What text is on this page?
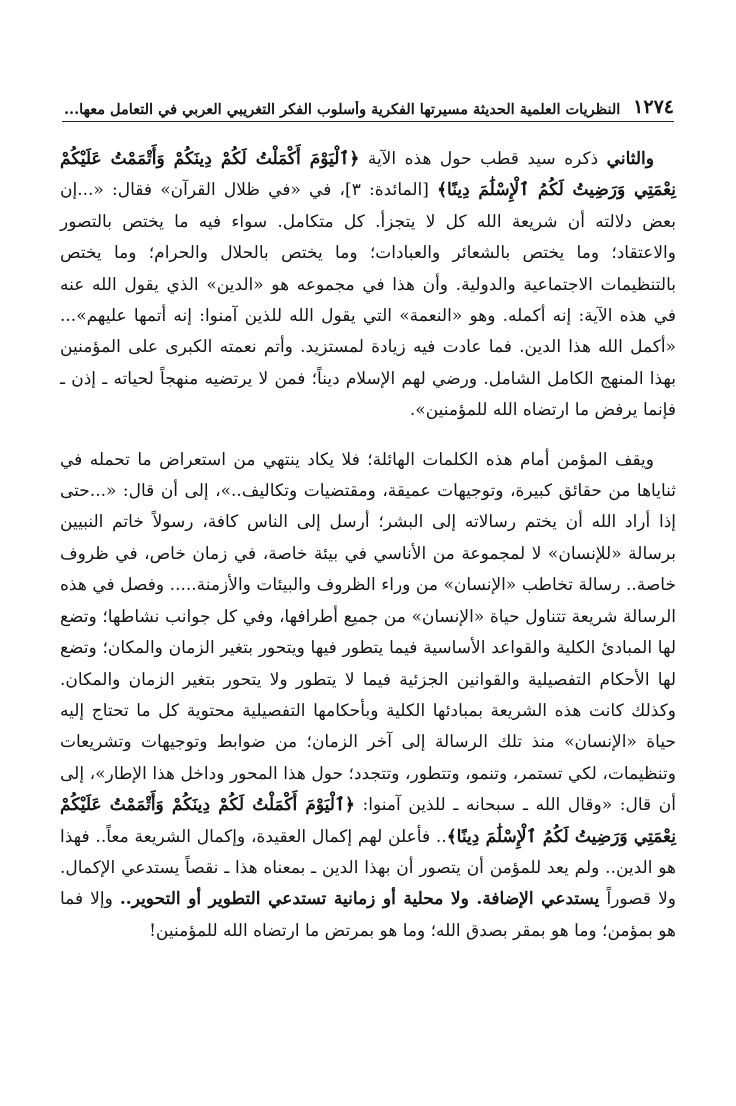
١٢٧٤
النظريات العلمية الحديثة مسيرتها الفكرية وأسلوب الفكر التغريبي العربي في التعامل معها...

والثاني ذكره سيد قطب حول هذه الآية ﴿ٱلْيَوْمَ أَكْمَلْتُ لَكُمْ دِينَكُمْ وَأَتْمَمْتُ عَلَيْكُمْ نِعْمَتِي وَرَضِيتُ لَكُمُ ٱلْإِسْلَٰمَ دِينًا﴾ [المائدة: ٣]، في «في ظلال القرآن» فقال: «...إن بعض دلالته أن شريعة الله كل لا يتجزأ. كل متكامل. سواء فيه ما يختص بالتصور والاعتقاد؛ وما يختص بالشعائر والعبادات؛ وما يختص بالحلال والحرام؛ وما يختص بالتنظيمات الاجتماعية والدولية. وأن هذا في مجموعه هو «الدين» الذي يقول الله عنه في هذه الآية: إنه أكمله. وهو «النعمة» التي يقول الله للذين آمنوا: إنه أتمها عليهم»... «أكمل الله هذا الدين. فما عادت فيه زيادة لمستزيد. وأتم نعمته الكبرى على المؤمنين بهذا المنهج الكامل الشامل. ورضي لهم الإسلام ديناً؛ فمن لا يرتضيه منهجاً لحياته ـ إذن ـ فإنما يرفض ما ارتضاه الله للمؤمنين».

ويقف المؤمن أمام هذه الكلمات الهائلة؛ فلا يكاد ينتهي من استعراض ما تحمله في ثناياها من حقائق كبيرة، وتوجيهات عميقة، ومقتضيات وتكاليف..»، إلى أن قال: «...حتى إذا أراد الله أن يختم رسالاته إلى البشر؛ أرسل إلى الناس كافة، رسولاً خاتم النبيين برسالة «للإنسان» لا لمجموعة من الأناسي في بيئة خاصة، في زمان خاص، في ظروف خاصة.. رسالة تخاطب «الإنسان» من وراء الظروف والبيئات والأزمنة..... وفصل في هذه الرسالة شريعة تتناول حياة «الإنسان» من جميع أطرافها، وفي كل جوانب نشاطها؛ وتضع لها المبادئ الكلية والقواعد الأساسية فيما يتطور فيها ويتحور بتغير الزمان والمكان؛ وتضع لها الأحكام التفصيلية والقوانين الجزئية فيما لا يتطور ولا يتحور بتغير الزمان والمكان. وكذلك كانت هذه الشريعة بمبادئها الكلية وبأحكامها التفصيلية محتوية كل ما تحتاج إليه حياة «الإنسان» منذ تلك الرسالة إلى آخر الزمان؛ من ضوابط وتوجيهات وتشريعات وتنظيمات، لكي تستمر، وتنمو، وتتطور، وتتجدد؛ حول هذا المحور وداخل هذا الإطار»، إلى أن قال: «وقال الله ـ سبحانه ـ للذين آمنوا: ﴿ٱلْيَوْمَ أَكْمَلْتُ لَكُمْ دِينَكُمْ وَأَتْمَمْتُ عَلَيْكُمْ نِعْمَتِي وَرَضِيتُ لَكُمُ ٱلْإِسْلَٰمَ دِينًا﴾.. فأعلن لهم إكمال العقيدة، وإكمال الشريعة معاً.. فهذا هو الدين.. ولم يعد للمؤمن أن يتصور أن بهذا الدين ـ بمعناه هذا ـ نقصاً يستدعي الإكمال. ولا قصوراً يستدعي الإضافة. ولا محلية أو زمانية تستدعي التطوير أو التحوير.. وإلا فما هو بمؤمن؛ وما هو بمقر بصدق الله؛ وما هو بمرتض ما ارتضاه الله للمؤمنين!
